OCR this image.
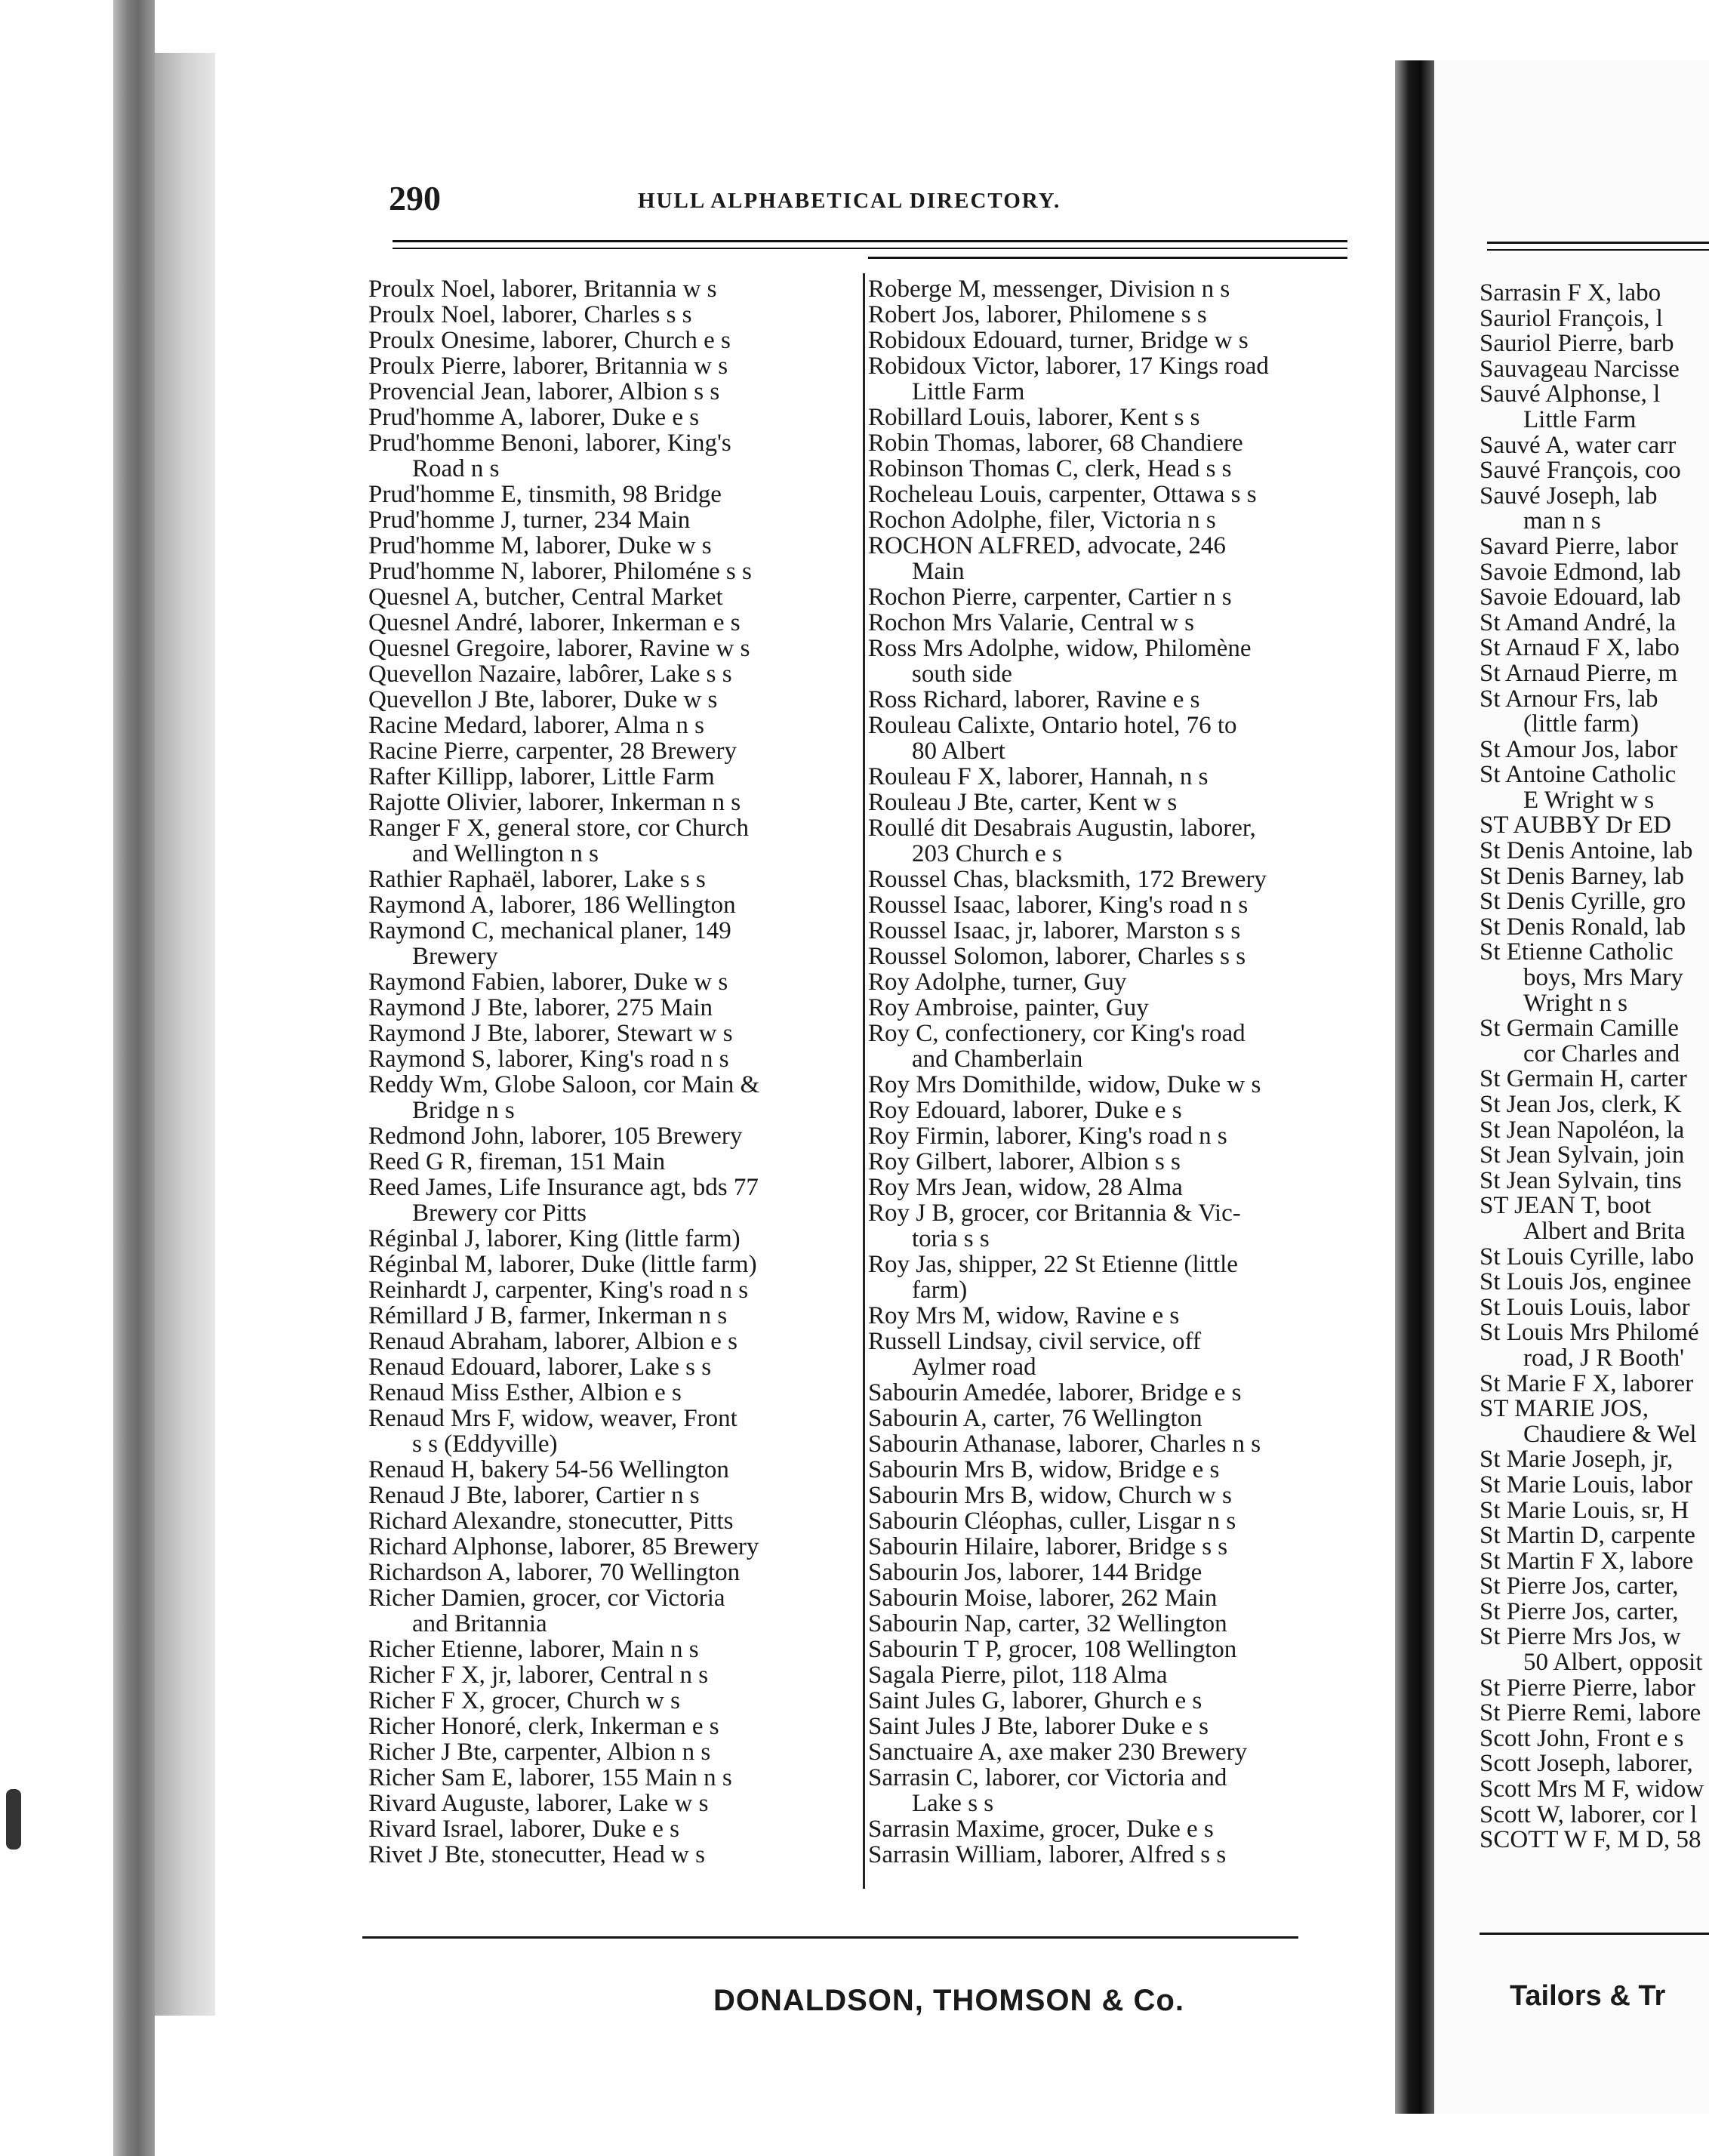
290	HULL ALPHABETICAL DIRECTORY.
Proulx Noel, laborer, Britannia w s
Proulx Noel, laborer, Charles s s
Proulx Onesime, laborer, Church e s
Proulx Pierre, laborer, Britannia w s
Provencial Jean, laborer, Albion s s
Prud'homme A, laborer, Duke e s
Prud'homme Benoni, laborer, King's
Road n s
Prud'homme E, tinsmith, 98 Bridge
Prud'homme J, turner, 234 Main
Prud'homme M, laborer, Duke w s
Prud'homme N, laborer, Philoméne s s
Quesnel A, butcher, Central Market
Quesnel André, laborer, Inkerman e s
Quesnel Gregoire, laborer, Ravine w s
Quevellon Nazaire, labôrer, Lake s s
Quevellon J Bte, laborer, Duke w s
Racine Medard, laborer, Alma n s
Racine Pierre, carpenter, 28 Brewery
Rafter Killipp, laborer, Little Farm
Rajotte Olivier, laborer, Inkerman n s
Ranger F X, general store, cor Church
and Wellington n s
Rathier Raphaël, laborer, Lake s s
Raymond A, laborer, 186 Wellington
Raymond C, mechanical planer, 149
Brewery
Raymond Fabien, laborer, Duke w s
Raymond J Bte, laborer, 275 Main
Raymond J Bte, laborer, Stewart w s
Raymond S, laborer, King's road n s
Reddy Wm, Globe Saloon, cor Main &
Bridge n s
Redmond John, laborer, 105 Brewery
Reed G R, fireman, 151 Main
Reed James, Life Insurance agt, bds 77
Brewery cor Pitts
Réginbal J, laborer, King (little farm)
Réginbal M, laborer, Duke (little farm)
Reinhardt J, carpenter, King's road n s
Rémillard J B, farmer, Inkerman n s
Renaud Abraham, laborer, Albion e s
Renaud Edouard, laborer, Lake s s
Renaud Miss Esther, Albion e s
Renaud Mrs F, widow, weaver, Front
s s (Eddyville)
Renaud H, bakery 54-56 Wellington
Renaud J Bte, laborer, Cartier n s
Richard Alexandre, stonecutter, Pitts
Richard Alphonse, laborer, 85 Brewery
Richardson A, laborer, 70 Wellington
Richer Damien, grocer, cor Victoria
and Britannia
Richer Etienne, laborer, Main n s
Richer F X, jr, laborer, Central n s
Richer F X, grocer, Church w s
Richer Honoré, clerk, Inkerman e s
Richer J Bte, carpenter, Albion n s
Richer Sam E, laborer, 155 Main n s
Rivard Auguste, laborer, Lake w s
Rivard Israel, laborer, Duke e s
Rivet J Bte, stonecutter, Head w s
Roberge M, messenger, Division n s
Robert Jos, laborer, Philomene s s
Robidoux Edouard, turner, Bridge w s
Robidoux Victor, laborer, 17 Kings road
Little Farm
Robillard Louis, laborer, Kent s s
Robin Thomas, laborer, 68 Chandiere
Robinson Thomas C, clerk, Head s s
Rocheleau Louis, carpenter, Ottawa s s
Rochon Adolphe, filer, Victoria n s
ROCHON ALFRED, advocate, 246
Main
Rochon Pierre, carpenter, Cartier n s
Rochon Mrs Valarie, Central w s
Ross Mrs Adolphe, widow, Philomène
south side
Ross Richard, laborer, Ravine e s
Rouleau Calixte, Ontario hotel, 76 to
80 Albert
Rouleau F X, laborer, Hannah, n s
Rouleau J Bte, carter, Kent w s
Roullé dit Desabrais Augustin, laborer,
203 Church e s
Roussel Chas, blacksmith, 172 Brewery
Roussel Isaac, laborer, King's road n s
Roussel Isaac, jr, laborer, Marston s s
Roussel Solomon, laborer, Charles s s
Roy Adolphe, turner, Guy
Roy Ambroise, painter, Guy
Roy C, confectionery, cor King's road
and Chamberlain
Roy Mrs Domithilde, widow, Duke w s
Roy Edouard, laborer, Duke e s
Roy Firmin, laborer, King's road n s
Roy Gilbert, laborer, Albion s s
Roy Mrs Jean, widow, 28 Alma
Roy J B, grocer, cor Britannia & Vic-
toria s s
Roy Jas, shipper, 22 St Etienne (little
farm)
Roy Mrs M, widow, Ravine e s
Russell Lindsay, civil service, off
Aylmer road
Sabourin Amedée, laborer, Bridge e s
Sabourin A, carter, 76 Wellington
Sabourin Athanase, laborer, Charles n s
Sabourin Mrs B, widow, Bridge e s
Sabourin Mrs B, widow, Church w s
Sabourin Cléophas, culler, Lisgar n s
Sabourin Hilaire, laborer, Bridge s s
Sabourin Jos, laborer, 144 Bridge
Sabourin Moise, laborer, 262 Main
Sabourin Nap, carter, 32 Wellington
Sabourin T P, grocer, 108 Wellington
Sagala Pierre, pilot, 118 Alma
Saint Jules G, laborer, Ghurch e s
Saint Jules J Bte, laborer Duke e s
Sanctuaire A, axe maker 230 Brewery
Sarrasin C, laborer, cor Victoria and
Lake s s
Sarrasin Maxime, grocer, Duke e s
Sarrasin William, laborer, Alfred s s
DONALDSON, THOMSON & Co.
Sarrasin F X, labo
Sauriol François, l
Sauriol Pierre, barb
Sauvageau Narcisse
Sauvé Alphonse, l
Little Farm
Sauvé A, water carr
Sauvé François, coo
Sauvé Joseph, lab
man n s
Savard Pierre, labor
Savoie Edmond, lab
Savoie Edouard, lab
St Amand André, la
St Arnaud F X, labo
St Arnaud Pierre, m
St Arnour Frs, lab
(little farm)
St Amour Jos, labor
St Antoine Catholic
E Wright w s
ST AUBBY Dr ED
St Denis Antoine, lab
St Denis Barney, lab
St Denis Cyrille, gro
St Denis Ronald, lab
St Etienne Catholic
boys, Mrs Mary
Wright n s
St Germain Camille
cor Charles and
St Germain H, carter
St Jean Jos, clerk, K
St Jean Napoléon, la
St Jean Sylvain, join
St Jean Sylvain, tins
ST JEAN T, boot
Albert and Brita
St Louis Cyrille, labo
St Louis Jos, enginee
St Louis Louis, labor
St Louis Mrs Philomé
road, J R Booth'
St Marie F X, laborer
ST MARIE JOS,
Chaudiere & Wel
St Marie Joseph, jr,
St Marie Louis, labor
St Marie Louis, sr, H
St Martin D, carpente
St Martin F X, labore
St Pierre Jos, carter,
St Pierre Jos, carter,
St Pierre Mrs Jos, w
50 Albert, opposit
St Pierre Pierre, labor
St Pierre Remi, labore
Scott John, Front e s
Scott Joseph, laborer,
Scott Mrs M F, widow
Scott W, laborer, cor l
SCOTT W F, M D, 58
Tailors & Tr
